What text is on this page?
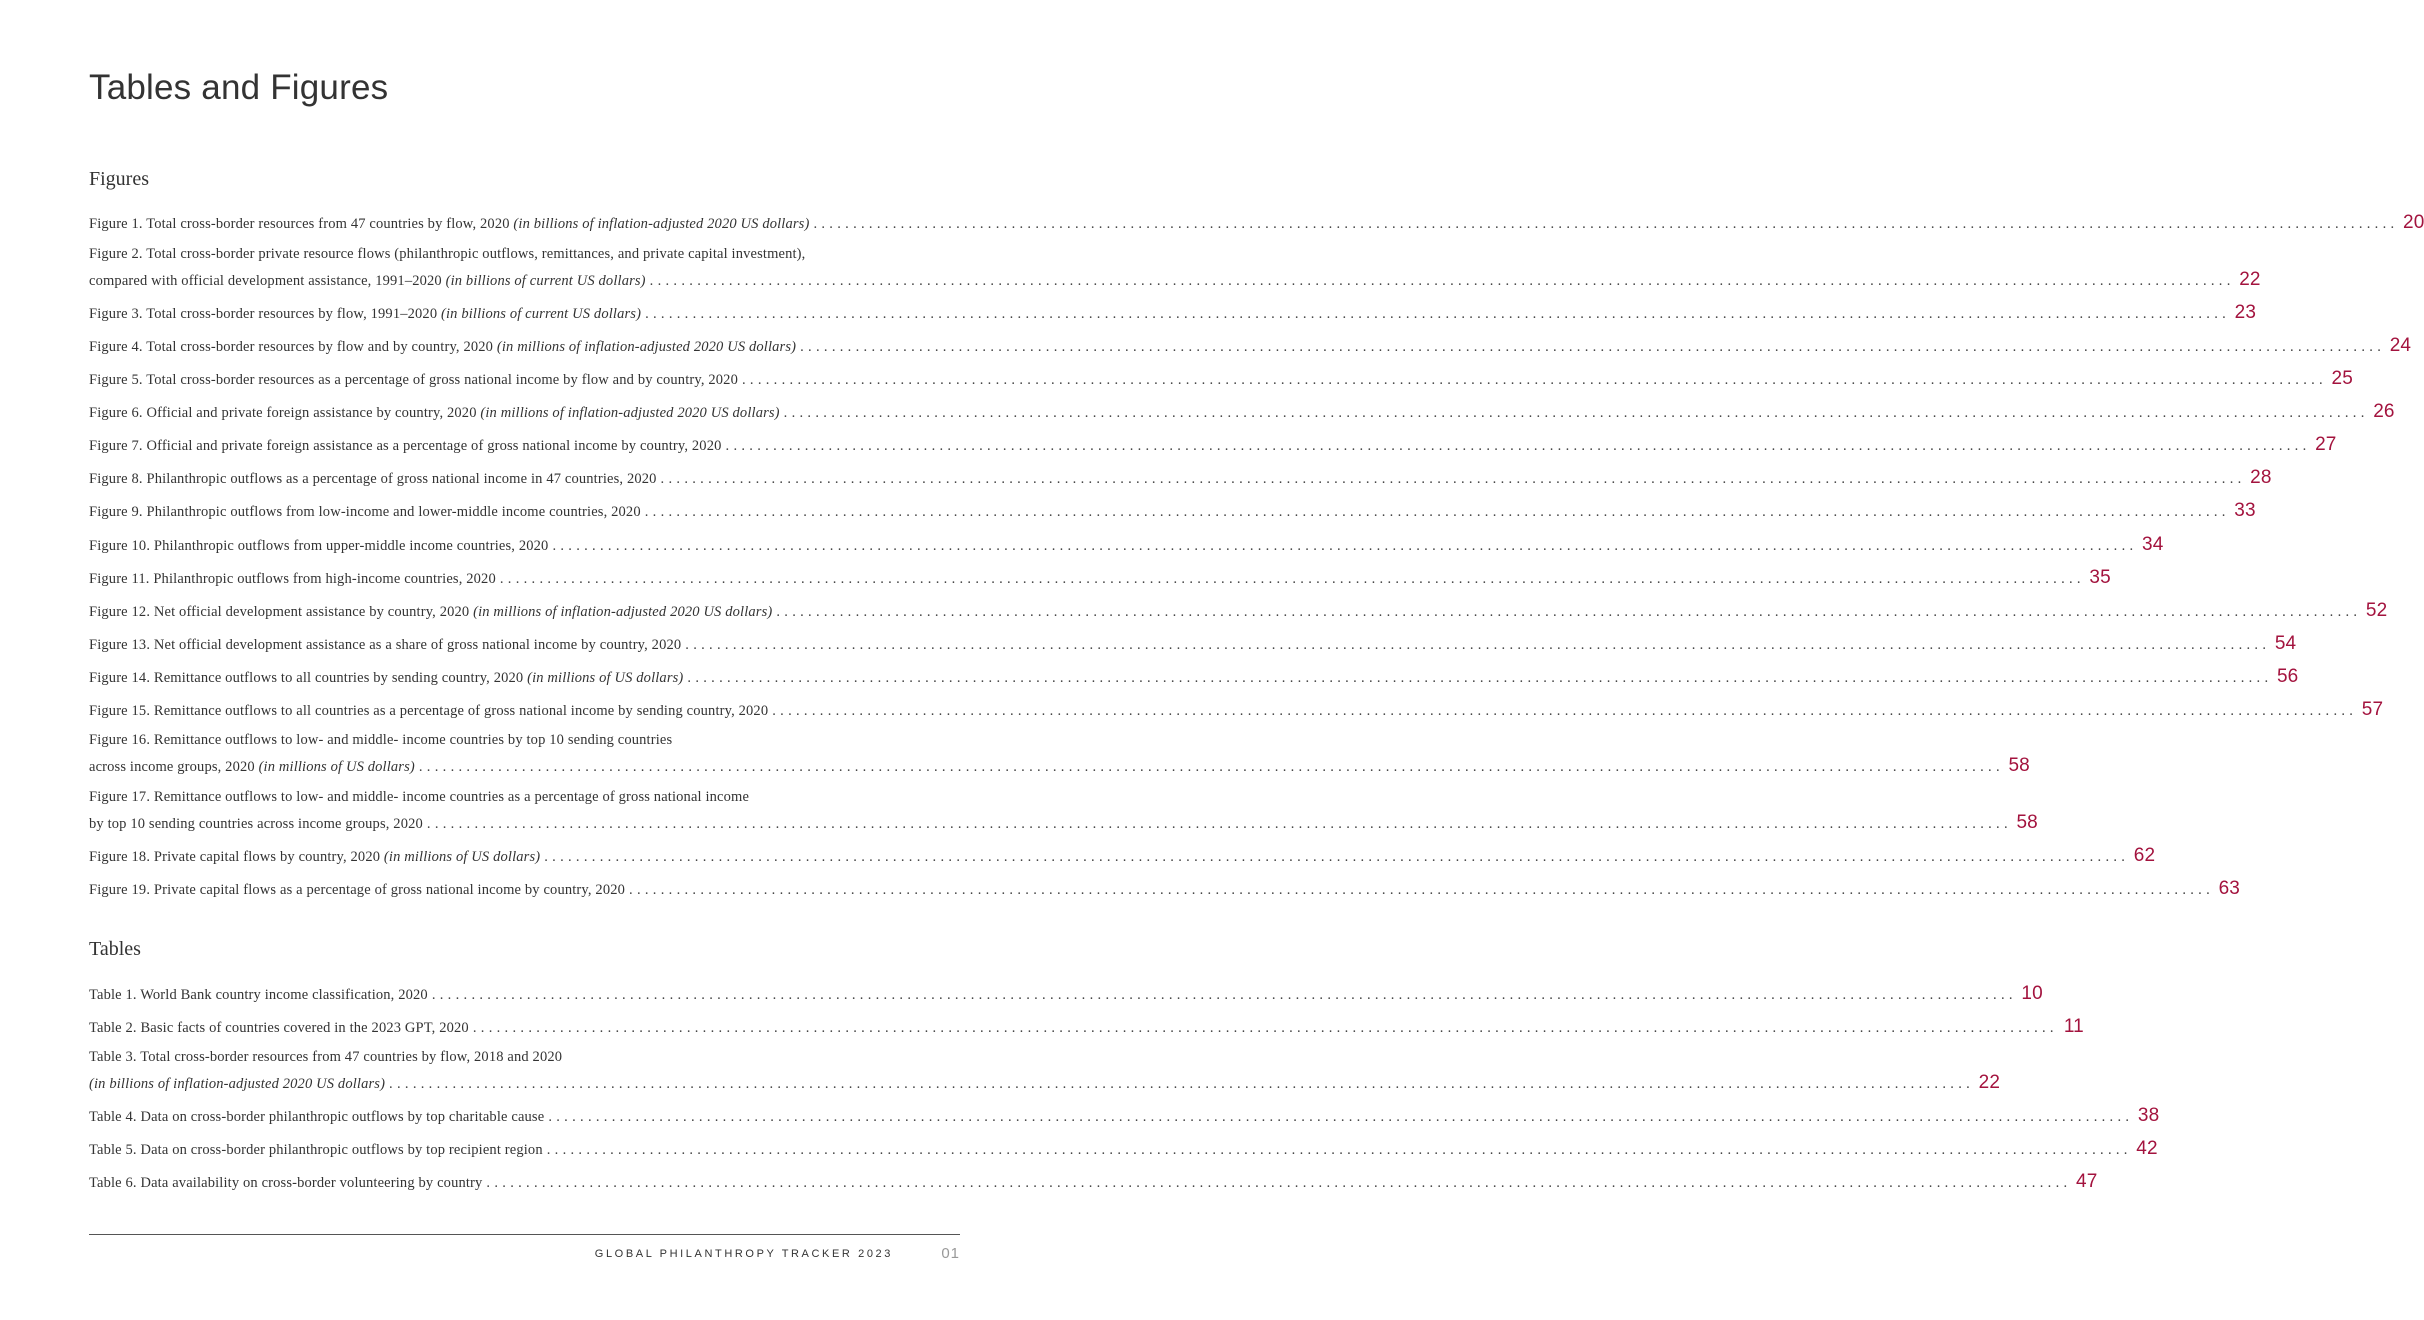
Tables and Figures
Figures
Figure 1. Total cross-border resources from 47 countries by flow, 2020 (in billions of inflation-adjusted 2020 US dollars) ........................................................................................................................................................................................................ 20
Figure 2. Total cross-border private resource flows (philanthropic outflows, remittances, and private capital investment),
compared with official development assistance, 1991–2020 (in billions of current US dollars) ........................................................................................................................................................................................................ 22
Figure 3. Total cross-border resources by flow, 1991–2020 (in billions of current US dollars) ........................................................................................................................................................................................................ 23
Figure 4. Total cross-border resources by flow and by country, 2020 (in millions of inflation-adjusted 2020 US dollars) ........................................................................................................................................................................................................ 24
Figure 5. Total cross-border resources as a percentage of gross national income by flow and by country, 2020 ........................................................................................................................................................................................................ 25
Figure 6. Official and private foreign assistance by country, 2020 (in millions of inflation-adjusted 2020 US dollars) ........................................................................................................................................................................................................ 26
Figure 7. Official and private foreign assistance as a percentage of gross national income by country, 2020 ........................................................................................................................................................................................................ 27
Figure 8. Philanthropic outflows as a percentage of gross national income in 47 countries, 2020 ........................................................................................................................................................................................................ 28
Figure 9. Philanthropic outflows from low-income and lower-middle income countries, 2020 ........................................................................................................................................................................................................ 33
Figure 10. Philanthropic outflows from upper-middle income countries, 2020 ........................................................................................................................................................................................................ 34
Figure 11. Philanthropic outflows from high-income countries, 2020 ........................................................................................................................................................................................................ 35
Figure 12. Net official development assistance by country, 2020 (in millions of inflation-adjusted 2020 US dollars) ........................................................................................................................................................................................................ 52
Figure 13. Net official development assistance as a share of gross national income by country, 2020 ........................................................................................................................................................................................................ 54
Figure 14. Remittance outflows to all countries by sending country, 2020 (in millions of US dollars) ........................................................................................................................................................................................................ 56
Figure 15. Remittance outflows to all countries as a percentage of gross national income by sending country, 2020 ........................................................................................................................................................................................................ 57
Figure 16. Remittance outflows to low- and middle- income countries by top 10 sending countries
across income groups, 2020 (in millions of US dollars) ........................................................................................................................................................................................................ 58
Figure 17. Remittance outflows to low- and middle- income countries as a percentage of gross national income
by top 10 sending countries across income groups, 2020 ........................................................................................................................................................................................................ 58
Figure 18. Private capital flows by country, 2020 (in millions of US dollars) ........................................................................................................................................................................................................ 62
Figure 19. Private capital flows as a percentage of gross national income by country, 2020 ........................................................................................................................................................................................................ 63
Tables
Table 1. World Bank country income classification, 2020 ........................................................................................................................................................................................................ 10
Table 2. Basic facts of countries covered in the 2023 GPT, 2020 ........................................................................................................................................................................................................ 11
Table 3. Total cross-border resources from 47 countries by flow, 2018 and 2020
(in billions of inflation-adjusted 2020 US dollars) ........................................................................................................................................................................................................ 22
Table 4. Data on cross-border philanthropic outflows by top charitable cause ........................................................................................................................................................................................................ 38
Table 5. Data on cross-border philanthropic outflows by top recipient region ........................................................................................................................................................................................................ 42
Table 6. Data availability on cross-border volunteering by country ........................................................................................................................................................................................................ 47
GLOBAL PHILANTHROPY TRACKER 2023	01
